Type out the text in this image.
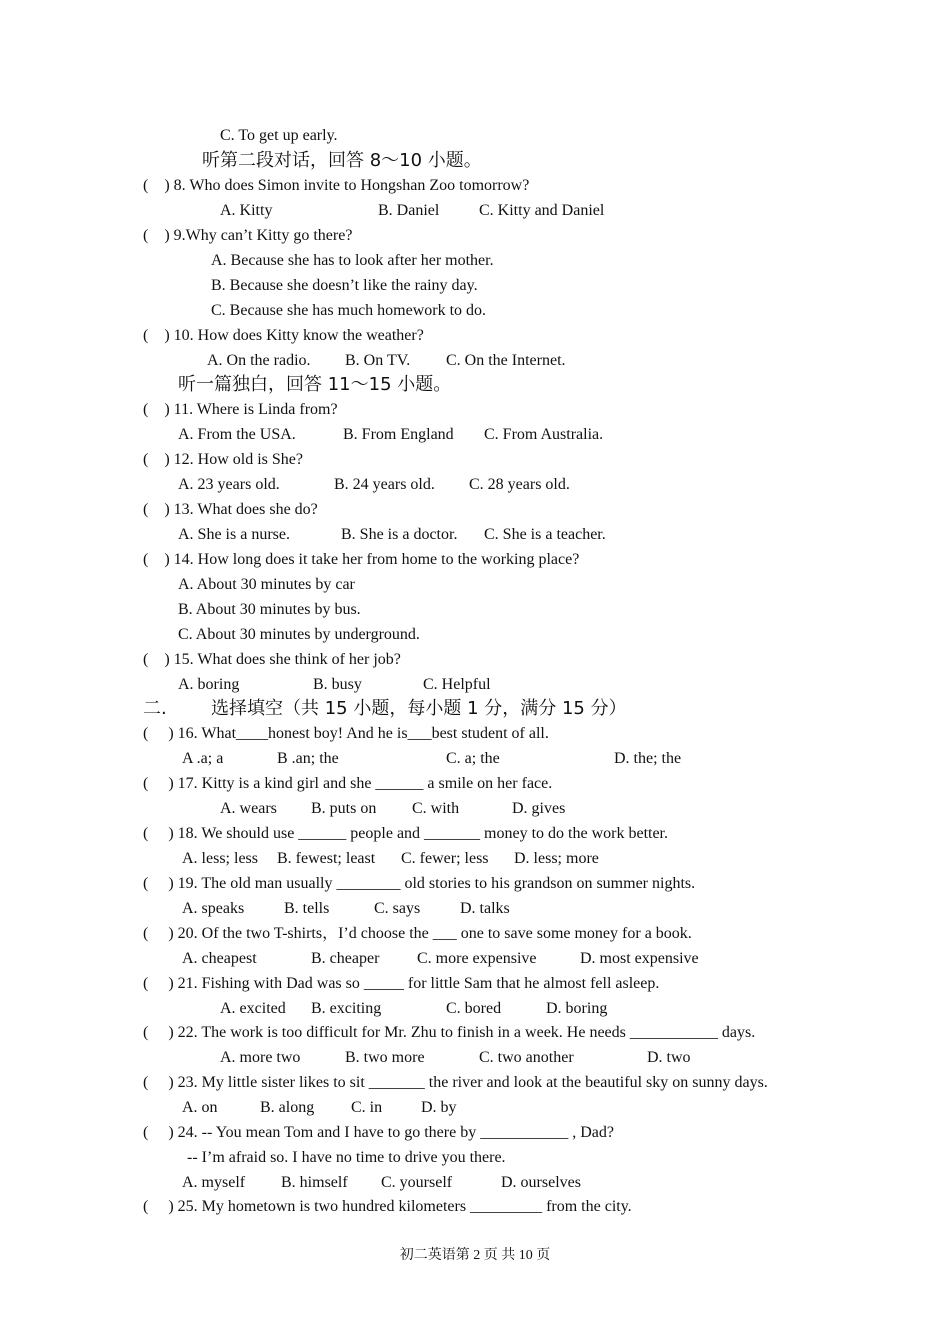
C. To get up early.
听第二段对话，回答 8～10 小题。
(    ) 8. Who does Simon invite to Hongshan Zoo tomorrow?
A. Kitty	B. Daniel C. Kitty and Daniel
(    ) 9.Why can’t Kitty go there?
A. Because she has to look after her mother.
B. Because she doesn’t like the rainy day.
C. Because she has much homework to do.
(    ) 10. How does Kitty know the weather?
A. On the radio. B. On TV. C. On the Internet.
听一篇独白，回答 11～15 小题。
(    ) 11. Where is Linda from?
A. From the USA.	B. From England C. From Australia.
(    ) 12. How old is She?
A. 23 years old.	B. 24 years old. C. 28 years old.
(    ) 13. What does she do?
A. She is a nurse.	B. She is a doctor. C. She is a teacher.
(    ) 14. How long does it take her from home to the working place?
A. About 30 minutes by car
B. About 30 minutes by bus.
C. About 30 minutes by underground.
(    ) 15. What does she think of her job?
A. boring	B. busy	C. Helpful
二. 选择填空（共 15 小题，每小题 1 分，满分 15 分）
(     ) 16. What____honest boy! And he is___best student of all.
A .a; a	B .an; the	C. a; the	D. the; the
(     ) 17. Kitty is a kind girl and she ______ a smile on her face.
A. wears B. puts on C. with	D. gives
(     ) 18. We should use ______ people and _______ money to do the work better.
A. less; less B. fewest; least C. fewer; less D. less; more
(     ) 19. The old man usually ________ old stories to his grandson on summer nights.
A. speaks B. tells	C. says D. talks
(     ) 20. Of the two T-shirts，I’d choose the ___ one to save some money for a book.
A. cheapest	B. cheaper C. more expensive	D. most expensive
(     ) 21. Fishing with Dad was so _____ for little Sam that he almost fell asleep.
A. excited B. exciting	C. bored	D. boring
(     ) 22. The work is too difficult for Mr. Zhu to finish in a week. He needs ___________ days.
A. more two	B. two more	C. two another	D. two
(     ) 23. My little sister likes to sit _______ the river and look at the beautiful sky on sunny days.
A. on	B. along C. in D. by
(     ) 24. -- You mean Tom and I have to go there by ___________ , Dad?
-- I’m afraid so. I have no time to drive you there.
A. myself B. himself C. yourself	D. ourselves
(     ) 25. My hometown is two hundred kilometers _________ from the city.
初二英语第 2 页 共 10 页
